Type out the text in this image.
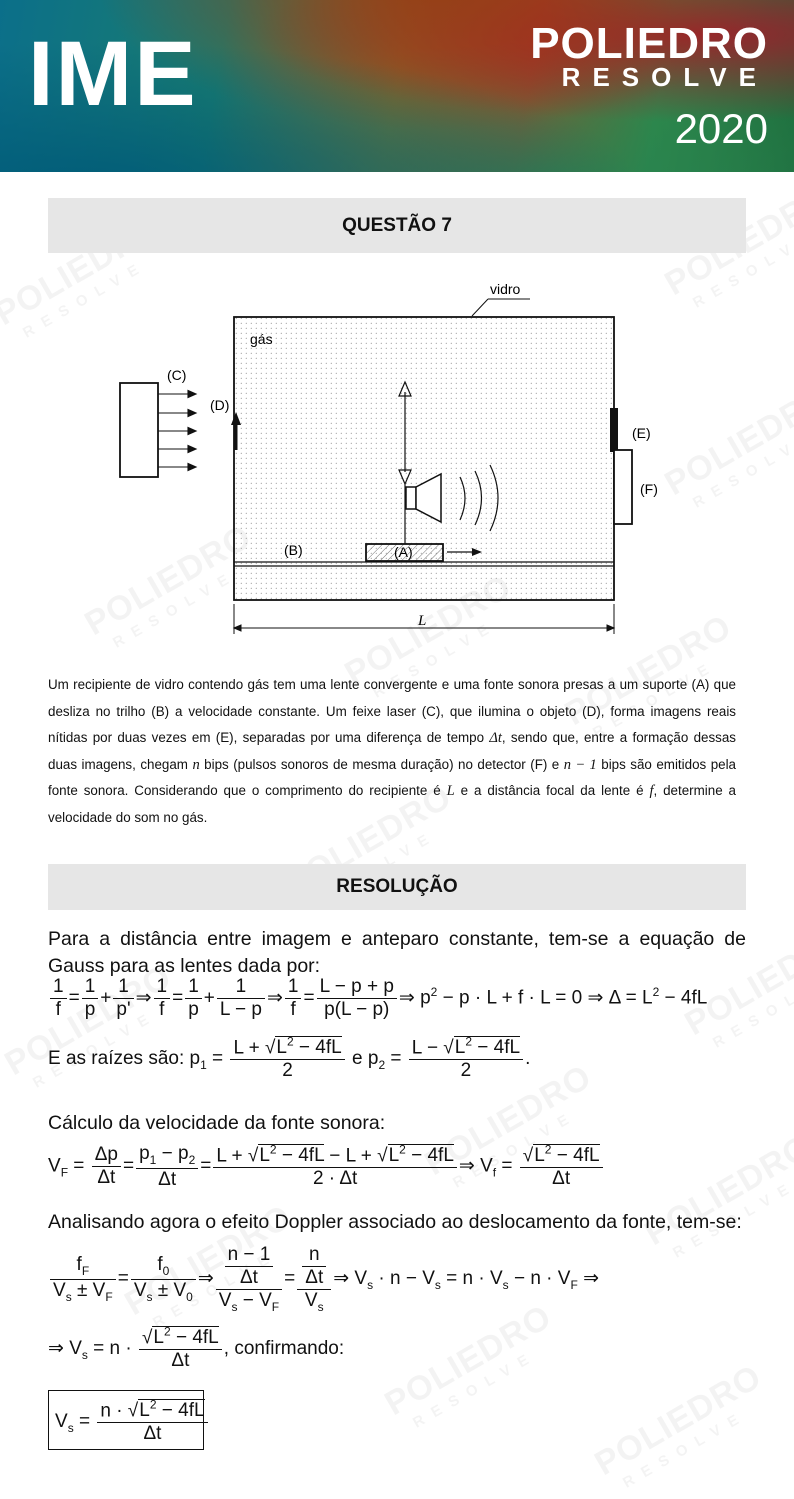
IME	POLIEDRO
RESOLVE
2020
QUESTÃO 7
vidro
gás
(C)
(D)
(A)
(B)
(E)
(F)
L
Um recipiente de vidro contendo gás tem uma lente convergente e uma fonte sonora presas a um suporte (A) que desliza no trilho (B) a velocidade constante. Um feixe laser (C), que ilumina o objeto (D), forma imagens reais nítidas por duas vezes em (E), separadas por uma diferença de tempo Δt, sendo que, entre a formação dessas duas imagens, chegam n bips (pulsos sonoros de mesma duração) no detector (F) e n − 1 bips são emitidos pela fonte sonora. Considerando que o comprimento do recipiente é L e a distância focal da lente é f, determine a velocidade do som no gás.
RESOLUÇÃO
Para a distância entre imagem e anteparo constante, tem-se a equação de Gauss para as lentes dada por:
$\frac{1}{f} = \frac{1}{p} + \frac{1}{p'}$ ⇒ $\frac{1}{f} = \frac{1}{p} + \frac{1}{L - p}$ ⇒ $\frac{1}{f} = \frac{L - p + p}{p(L - p)}$ ⇒ $p^2 - p \cdot L + f \cdot L = 0$ ⇒ $\Delta = L^2 - 4fL$
E as raízes são: $p_1 = \frac{L + √L^2 - 4fL}{2}$ e $p_2 = \frac{L - √L^2 - 4fL}{2}$ .
Cálculo da velocidade da fonte sonora:
$V_F = \frac{\Delta p}{\Delta t} = \frac{p_1 - p_2}{\Delta t} = \frac{L + √L^2 - 4fL - L + √L^2 - 4fL}{2 \cdot \Delta t}$ ⇒ $V_f = \frac{√L^2 - 4fL}{\Delta t}$
Analisando agora o efeito Doppler associado ao deslocamento da fonte, tem-se:
$\frac{f_F}{V_s \pm V_F} = \frac{f_0}{V_s \pm V_0}$ ⇒ $\frac{\frac{n - 1}{\Delta t}}{V_s - V_F} = \frac{\frac{n}{\Delta t}}{V_s}$ ⇒ $V_s \cdot n - V_s = n \cdot V_s - n \cdot V_F$ ⇒
⇒ $V_s = n \cdot \frac{√L^2 - 4fL}{\Delta t}$ , confirmando:
$V_s = \frac{n \cdot √L^2 - 4fL}{\Delta t}$
